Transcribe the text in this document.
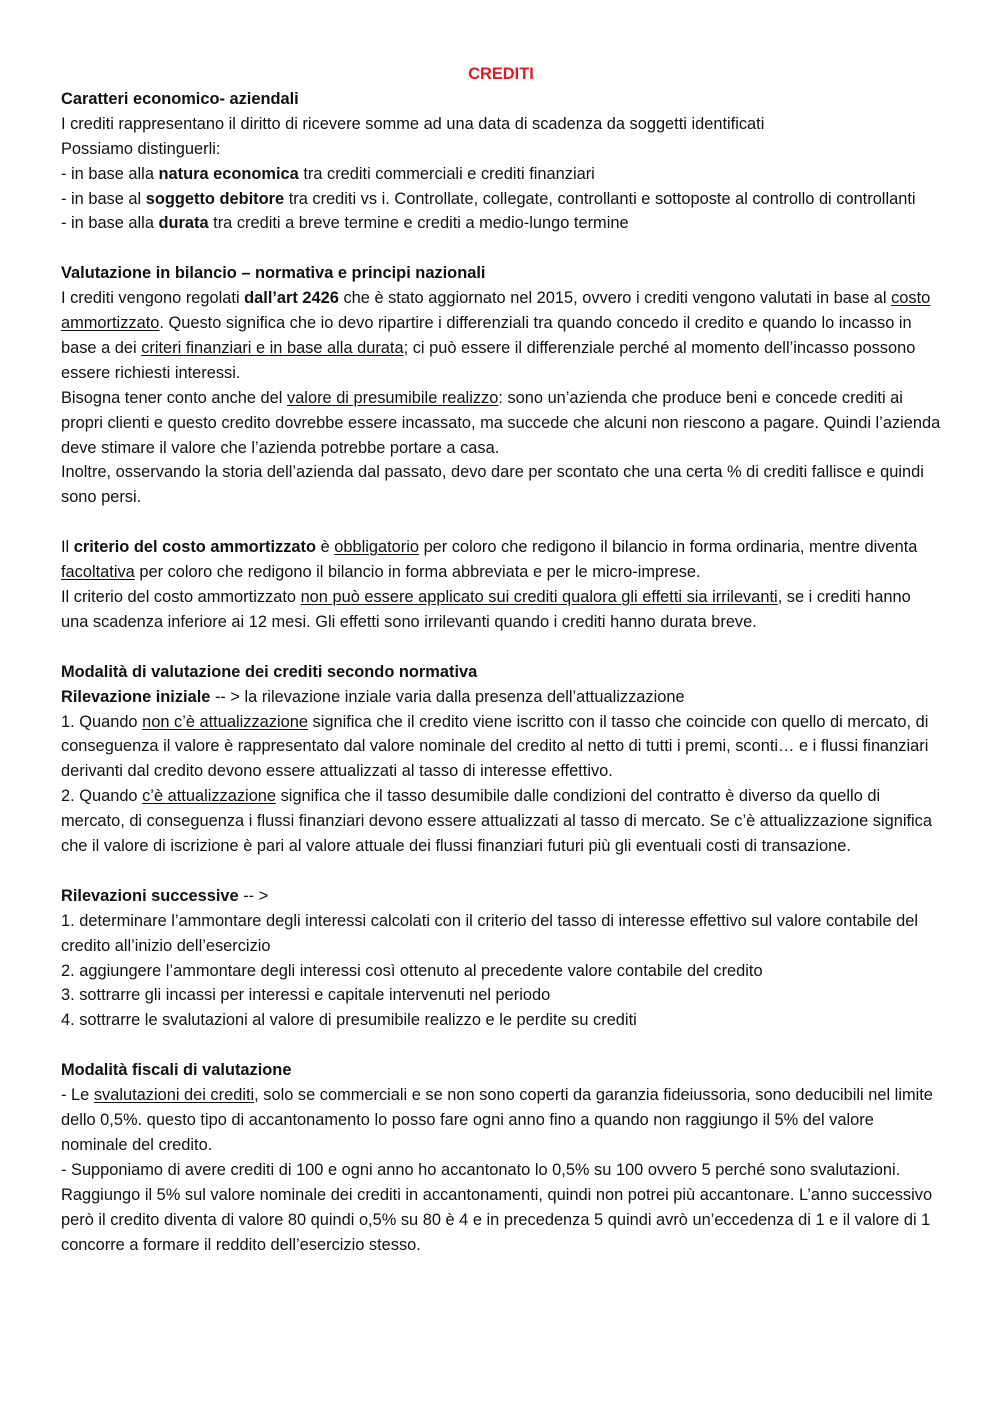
CREDITI

Caratteri economico- aziendali

I crediti rappresentano il diritto di ricevere somme ad una data di scadenza da soggetti identificati

Possiamo distinguerli:

- in base alla natura economica tra crediti commerciali e crediti finanziari

- in base al soggetto debitore tra crediti vs i. Controllate, collegate, controllanti e sottoposte al controllo di controllanti

- in base alla durata tra crediti a breve termine e crediti a medio-lungo termine

Valutazione in bilancio – normativa e principi nazionali

I crediti vengono regolati dall’art 2426 che è stato aggiornato nel 2015, ovvero i crediti vengono valutati in base al costo ammortizzato. Questo significa che io devo ripartire i differenziali tra quando concedo il credito e quando lo incasso in base a dei criteri finanziari e in base alla durata; ci può essere il differenziale perché al momento dell’incasso possono essere richiesti interessi.

Bisogna tener conto anche del valore di presumibile realizzo: sono un’azienda che produce beni e concede crediti ai propri clienti e questo credito dovrebbe essere incassato, ma succede che alcuni non riescono a pagare. Quindi l’azienda deve stimare il valore che l’azienda potrebbe portare a casa.

Inoltre, osservando la storia dell’azienda dal passato, devo dare per scontato che una certa % di crediti fallisce e quindi sono persi.

Il criterio del costo ammortizzato è obbligatorio per coloro che redigono il bilancio in forma ordinaria, mentre diventa facoltativa per coloro che redigono il bilancio in forma abbreviata e per le micro-imprese.

Il criterio del costo ammortizzato non può essere applicato sui crediti qualora gli effetti sia irrilevanti, se i crediti hanno una scadenza inferiore ai 12 mesi. Gli effetti sono irrilevanti quando i crediti hanno durata breve.

Modalità di valutazione dei crediti secondo normativa

Rilevazione iniziale -- > la rilevazione inziale varia dalla presenza dell’attualizzazione

1. Quando non c’è attualizzazione significa che il credito viene iscritto con il tasso che coincide con quello di mercato, di conseguenza il valore è rappresentato dal valore nominale del credito al netto di tutti i premi, sconti… e i flussi finanziari derivanti dal credito devono essere attualizzati al tasso di interesse effettivo.

2. Quando c’è attualizzazione significa che il tasso desumibile dalle condizioni del contratto è diverso da quello di mercato, di conseguenza i flussi finanziari devono essere attualizzati al tasso di mercato. Se c’è attualizzazione significa che il valore di iscrizione è pari al valore attuale dei flussi finanziari futuri più gli eventuali costi di transazione.

Rilevazioni successive -- >

1. determinare l’ammontare degli interessi calcolati con il criterio del tasso di interesse effettivo sul valore contabile del credito all’inizio dell’esercizio

2. aggiungere l’ammontare degli interessi così ottenuto al precedente valore contabile del credito

3. sottrarre gli incassi per interessi e capitale intervenuti nel periodo

4. sottrarre le svalutazioni al valore di presumibile realizzo e le perdite su crediti

Modalità fiscali di valutazione

- Le svalutazioni dei crediti, solo se commerciali e se non sono coperti da garanzia fideiussoria, sono deducibili nel limite dello 0,5%. questo tipo di accantonamento lo posso fare ogni anno fino a quando non raggiungo il 5% del valore nominale del credito.

- Supponiamo di avere crediti di 100 e ogni anno ho accantonato lo 0,5% su 100 ovvero 5 perché sono svalutazioni. Raggiungo il 5% sul valore nominale dei crediti in accantonamenti, quindi non potrei più accantonare. L’anno successivo però il credito diventa di valore 80 quindi o,5% su 80 è 4 e in precedenza 5 quindi avrò un’eccedenza di 1 e il valore di 1 concorre a formare il reddito dell’esercizio stesso.
